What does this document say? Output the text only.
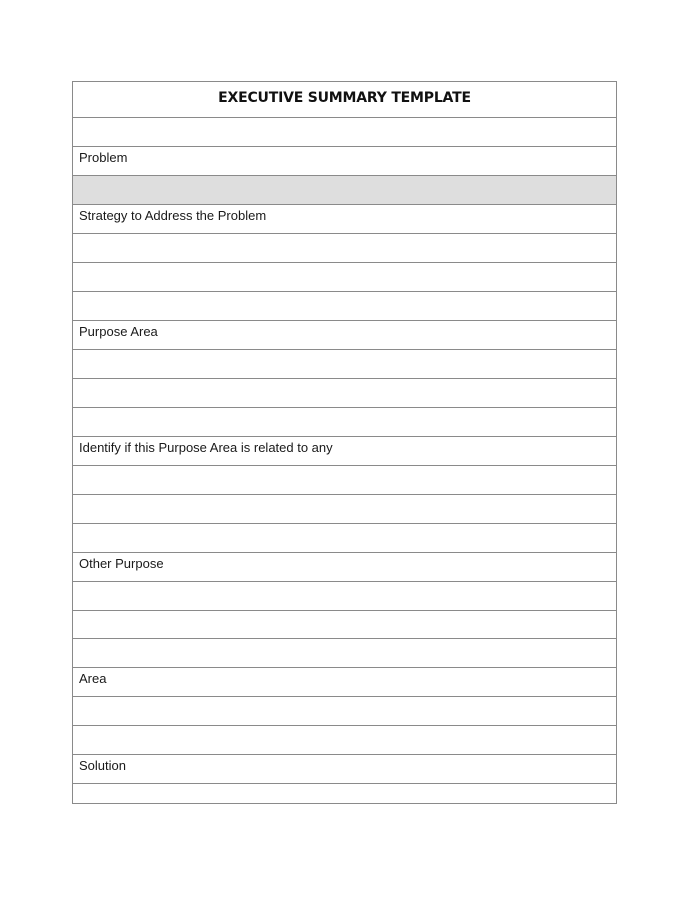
EXECUTIVE SUMMARY TEMPLATE
Problem
Strategy to Address the Problem
Purpose Area
Identify if this Purpose Area is related to any
Other Purpose
Area
Solution
